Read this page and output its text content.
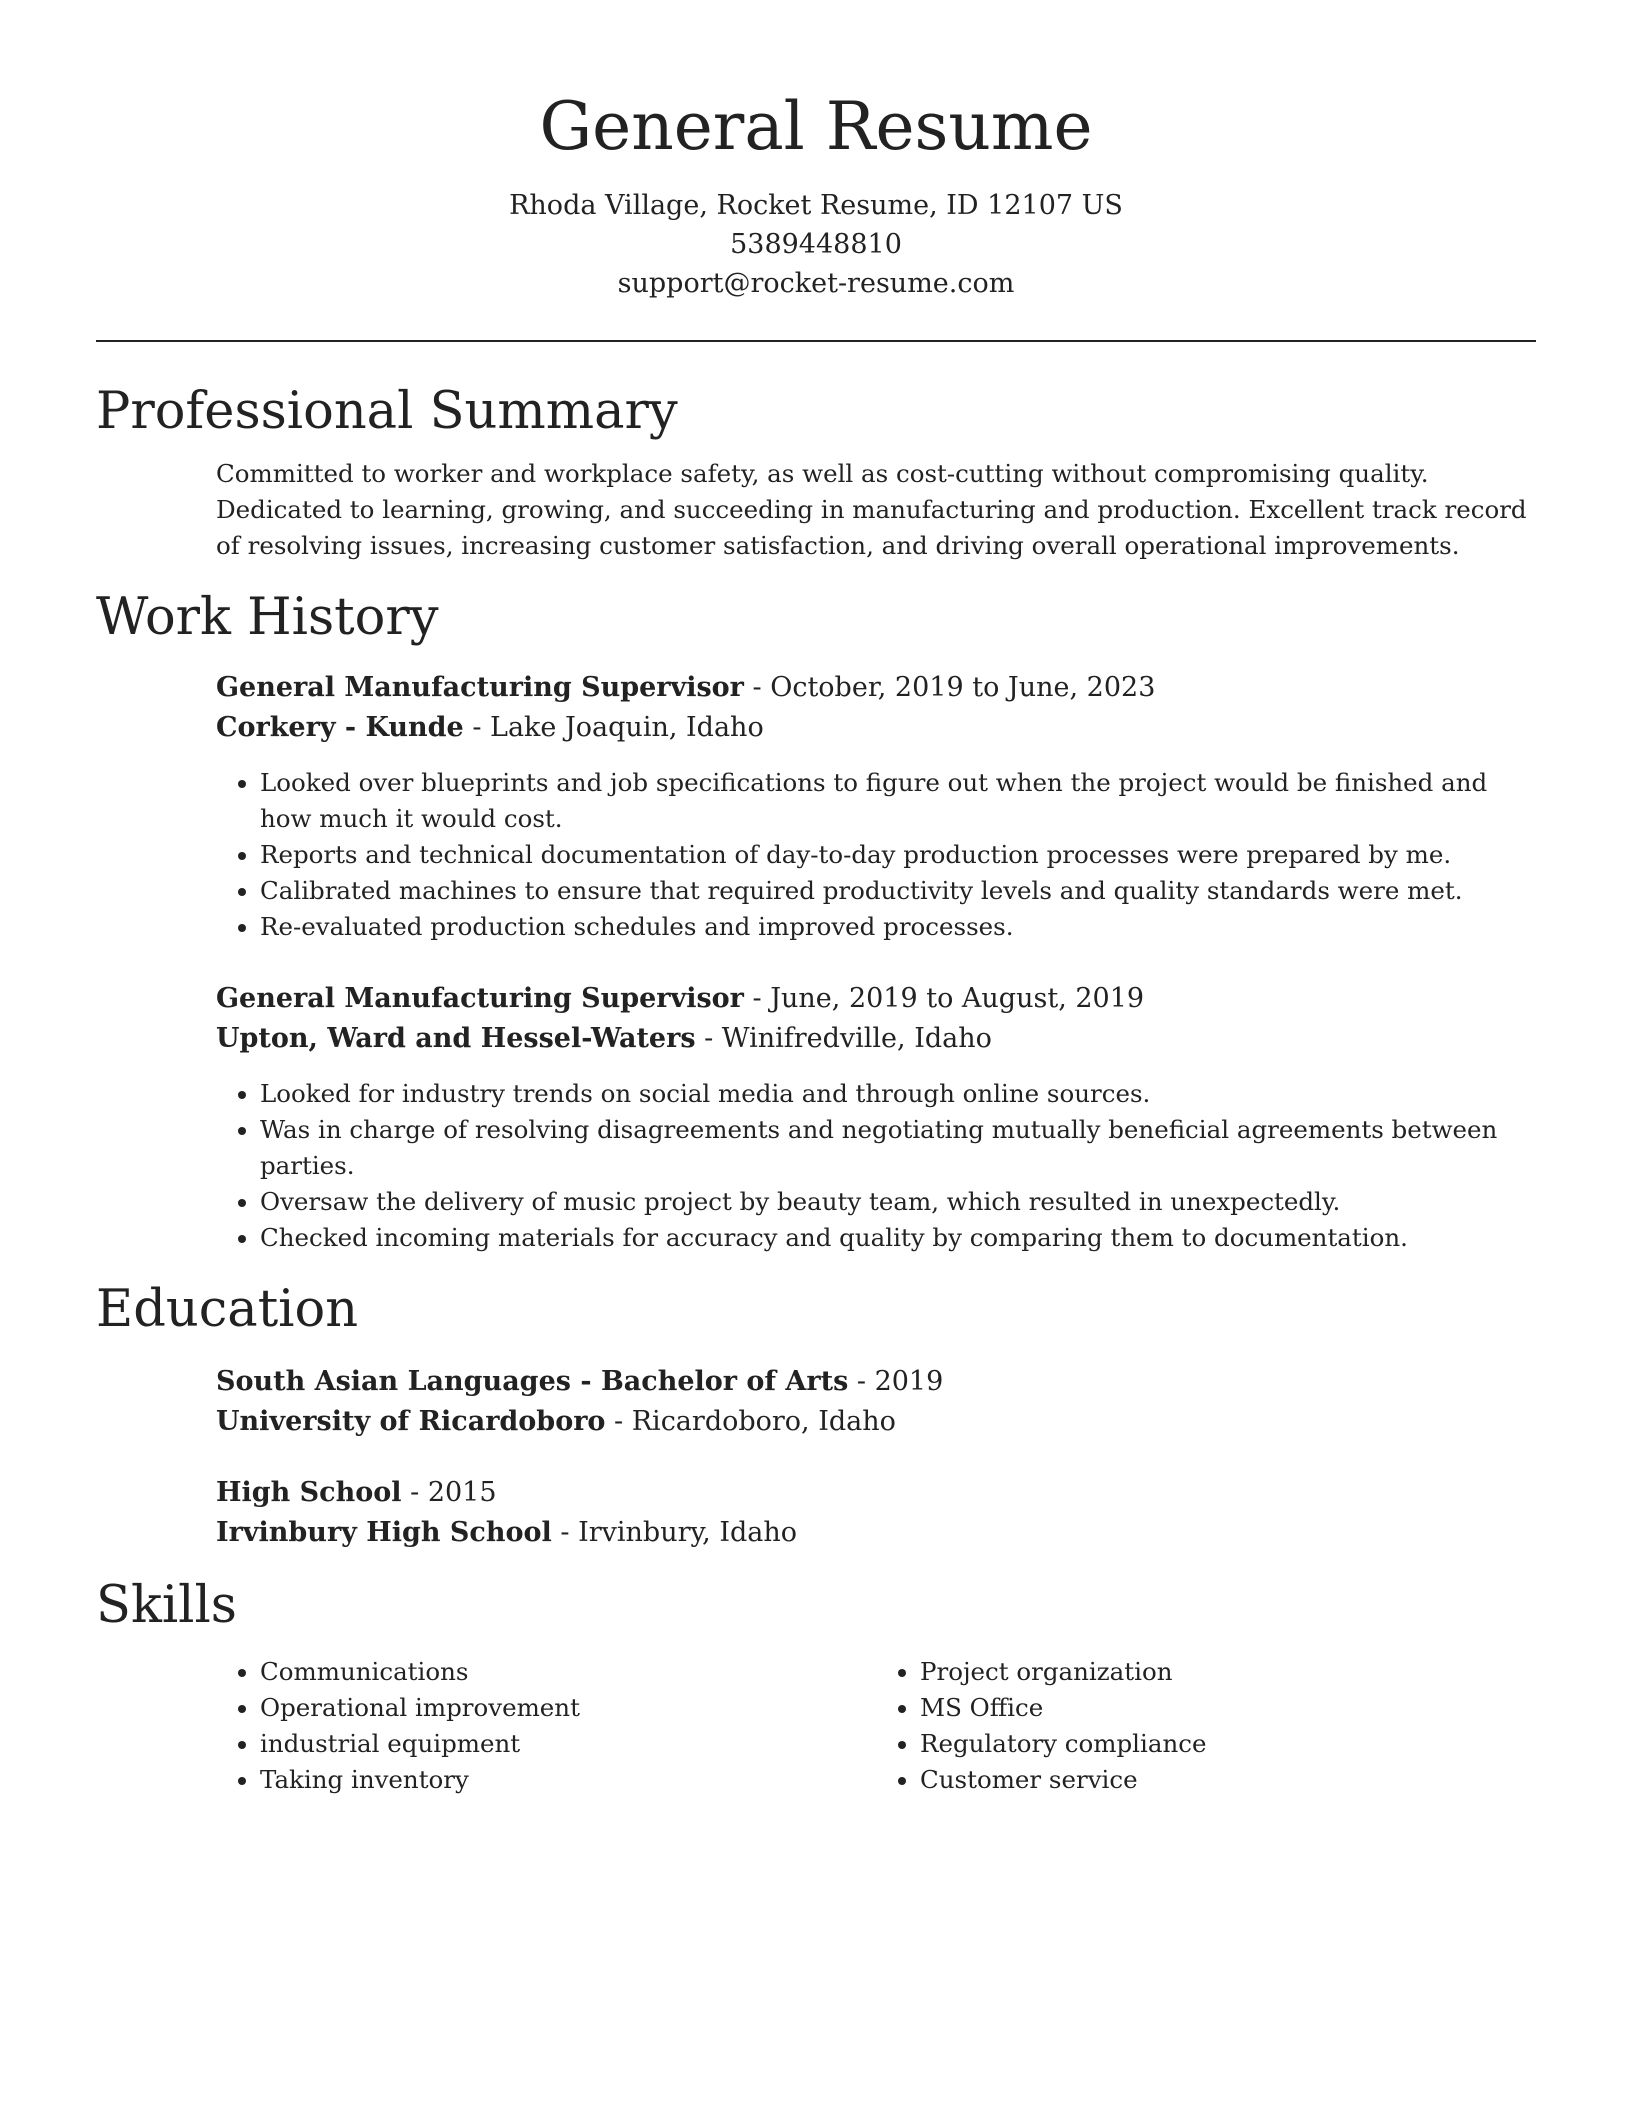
General Resume
Rhoda Village, Rocket Resume, ID 12107 US
5389448810
support@rocket-resume.com
Professional Summary
Committed to worker and workplace safety, as well as cost-cutting without compromising quality. Dedicated to learning, growing, and succeeding in manufacturing and production. Excellent track record of resolving issues, increasing customer satisfaction, and driving overall operational improvements.
Work History
General Manufacturing Supervisor - October, 2019 to June, 2023
Corkery - Kunde - Lake Joaquin, Idaho
• Looked over blueprints and job specifications to figure out when the project would be finished and how much it would cost.
• Reports and technical documentation of day-to-day production processes were prepared by me.
• Calibrated machines to ensure that required productivity levels and quality standards were met.
• Re-evaluated production schedules and improved processes.
General Manufacturing Supervisor - June, 2019 to August, 2019
Upton, Ward and Hessel-Waters - Winifredville, Idaho
• Looked for industry trends on social media and through online sources.
• Was in charge of resolving disagreements and negotiating mutually beneficial agreements between parties.
• Oversaw the delivery of music project by beauty team, which resulted in unexpectedly.
• Checked incoming materials for accuracy and quality by comparing them to documentation.
Education
South Asian Languages - Bachelor of Arts - 2019
University of Ricardoboro - Ricardoboro, Idaho
High School - 2015
Irvinbury High School - Irvinbury, Idaho
Skills
• Communications
• Operational improvement
• industrial equipment
• Taking inventory
• Project organization
• MS Office
• Regulatory compliance
• Customer service
